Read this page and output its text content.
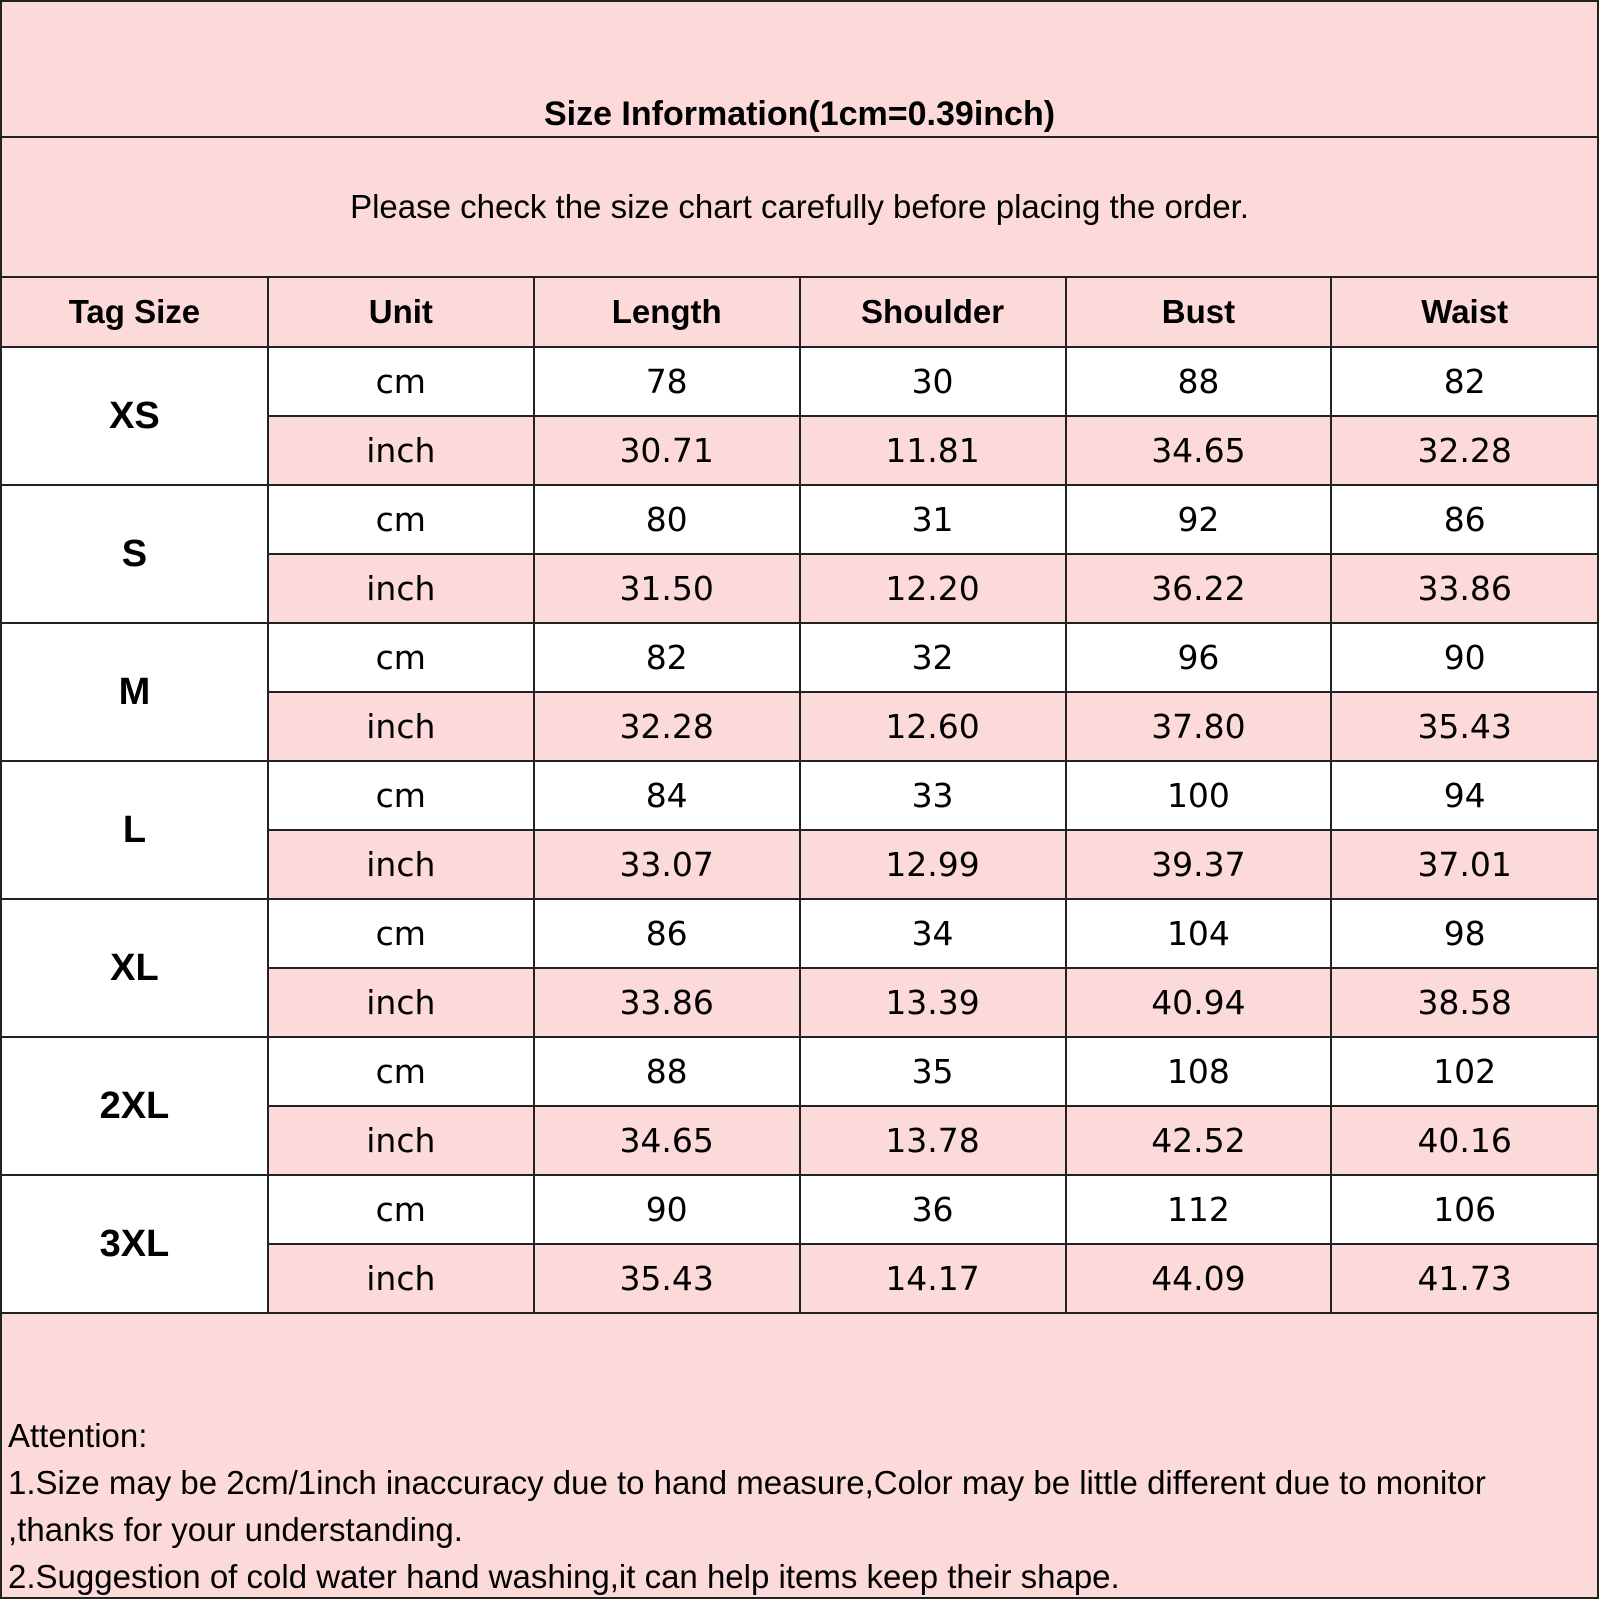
Size Information(1cm=0.39inch)
Please check the size chart carefully before placing the order.
Tag Size	Unit	Length	Shoulder	Bust	Waist
XS	cm	78	30	88	82
	inch	30.71	11.81	34.65	32.28
S	cm	80	31	92	86
	inch	31.50	12.20	36.22	33.86
M	cm	82	32	96	90
	inch	32.28	12.60	37.80	35.43
L	cm	84	33	100	94
	inch	33.07	12.99	39.37	37.01
XL	cm	86	34	104	98
	inch	33.86	13.39	40.94	38.58
2XL	cm	88	35	108	102
	inch	34.65	13.78	42.52	40.16
3XL	cm	90	36	112	106
	inch	35.43	14.17	44.09	41.73
Attention:
1.Size may be 2cm/1inch inaccuracy due to hand measure,Color may be little different due to monitor ,thanks for your understanding.
2.Suggestion of cold water hand washing,it can help items keep their shape.
